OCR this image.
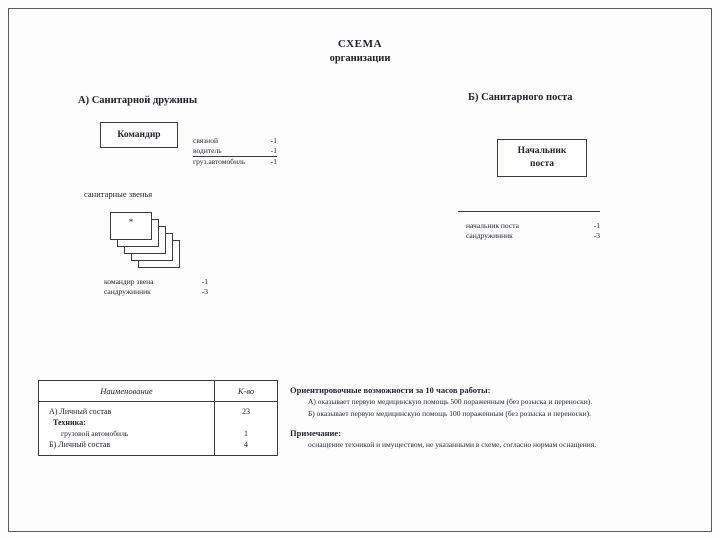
СХЕМА
организации
А) Санитарной дружины	Б) Санитарного поста
Командир
связной	-1
водитель	-1
груз.автомобиль	-1
санитарные звенья
*
командир звена	-1
сандружинник	-3
Начальник
поста
начальник поста	-1
сандружинник	-3
Наименование	К-во
А) Личный состав	23
Техника:
грузовой автомобиль	1
Б) Личный состав	4
Ориентировочные возможности за 10 часов работы:
А) оказывает первую медицинскую помощь 500 пораженным (без розыска и переноски).
Б) оказывает первую медицинскую помощь 100 пораженным (без розыска и переноски).
Примечание:
оснащение техникой и имуществом, не указанными в схеме, согласно нормам оснащения.
